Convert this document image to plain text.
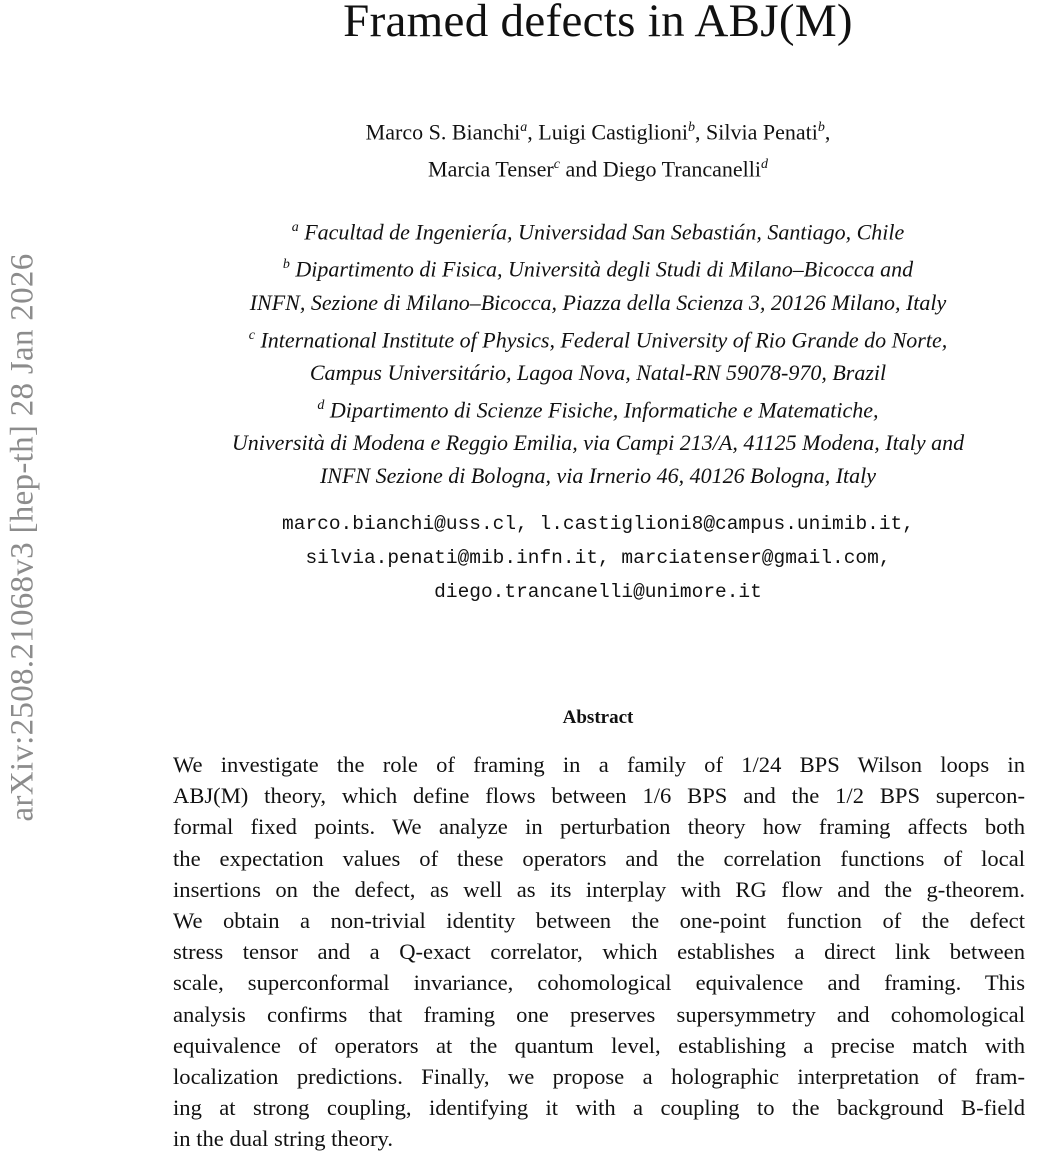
arXiv:2508.21068v3 [hep-th] 28 Jan 2026
Framed defects in ABJ(M)
Marco S. Bianchi$^a$, Luigi Castiglioni$^b$, Silvia Penati$^b$,
Marcia Tenser$^c$ and Diego Trancanelli$^d$
$^a$ Facultad de Ingeniería, Universidad San Sebastián, Santiago, Chile
$^b$ Dipartimento di Fisica, Università degli Studi di Milano–Bicocca and
INFN, Sezione di Milano–Bicocca, Piazza della Scienza 3, 20126 Milano, Italy
$^c$ International Institute of Physics, Federal University of Rio Grande do Norte,
Campus Universitário, Lagoa Nova, Natal-RN 59078-970, Brazil
$^d$ Dipartimento di Scienze Fisiche, Informatiche e Matematiche,
Università di Modena e Reggio Emilia, via Campi 213/A, 41125 Modena, Italy and
INFN Sezione di Bologna, via Irnerio 46, 40126 Bologna, Italy
marco.bianchi@uss.cl, l.castiglioni8@campus.unimib.it,
silvia.penati@mib.infn.it, marciatenser@gmail.com,
diego.trancanelli@unimore.it
Abstract
We investigate the role of framing in a family of 1/24 BPS Wilson loops in
ABJ(M) theory, which define flows between 1/6 BPS and the 1/2 BPS supercon-
formal fixed points. We analyze in perturbation theory how framing affects both
the expectation values of these operators and the correlation functions of local
insertions on the defect, as well as its interplay with RG flow and the g-theorem.
We obtain a non-trivial identity between the one-point function of the defect
stress tensor and a Q-exact correlator, which establishes a direct link between
scale, superconformal invariance, cohomological equivalence and framing. This
analysis confirms that framing one preserves supersymmetry and cohomological
equivalence of operators at the quantum level, establishing a precise match with
localization predictions. Finally, we propose a holographic interpretation of fram-
ing at strong coupling, identifying it with a coupling to the background B-field
in the dual string theory.
